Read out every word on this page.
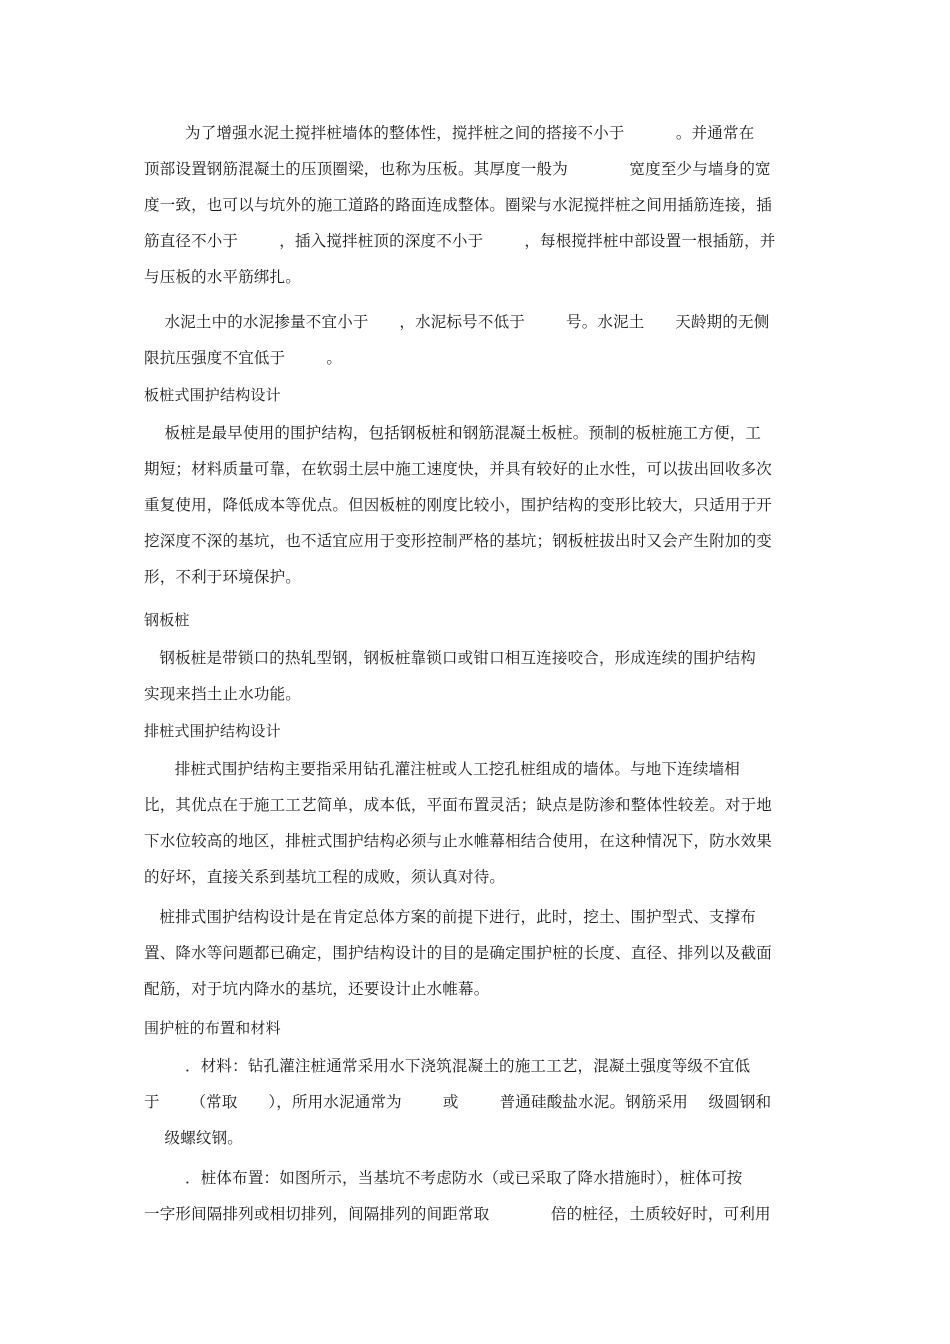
为了增强水泥土搅拌桩墙体的整体性，搅拌桩之间的搭接不小于          。并通常在
顶部设置钢筋混凝土的压顶圈梁，也称为压板。其厚度一般为            宽度至少与墙身的宽
度一致，也可以与坑外的施工道路的路面连成整体。圈梁与水泥搅拌桩之间用插筋连接，插
筋直径不小于        ，插入搅拌桩顶的深度不小于        ，每根搅拌桩中部设置一根插筋，并
与压板的水平筋绑扎。
水泥土中的水泥掺量不宜小于      ，水泥标号不低于        号。水泥土      天龄期的无侧
限抗压强度不宜低于        。
板桩式围护结构设计
板桩是最早使用的围护结构，包括钢板桩和钢筋混凝土板桩。预制的板桩施工方便，工
期短；材料质量可靠，在软弱土层中施工速度快，并具有较好的止水性，可以拔出回收多次
重复使用，降低成本等优点。但因板桩的刚度比较小，围护结构的变形比较大，只适用于开
挖深度不深的基坑，也不适宜应用于变形控制严格的基坑；钢板桩拔出时又会产生附加的变
形，不利于环境保护。
钢板桩
钢板桩是带锁口的热轧型钢，钢板桩靠锁口或钳口相互连接咬合，形成连续的围护结构
实现来挡土止水功能。
排桩式围护结构设计
排桩式围护结构主要指采用钻孔灌注桩或人工挖孔桩组成的墙体。与地下连续墙相
比，其优点在于施工工艺简单，成本低，平面布置灵活；缺点是防渗和整体性较差。对于地
下水位较高的地区，排桩式围护结构必须与止水帷幕相结合使用，在这种情况下，防水效果
的好坏，直接关系到基坑工程的成败，须认真对待。
桩排式围护结构设计是在肯定总体方案的前提下进行，此时，挖土、围护型式、支撑布
置、降水等问题都已确定，围护结构设计的目的是确定围护桩的长度、直径、排列以及截面
配筋，对于坑内降水的基坑，还要设计止水帷幕。
围护桩的布置和材料
．材料：钻孔灌注桩通常采用水下浇筑混凝土的施工工艺，混凝土强度等级不宜低
于      （常取      ），所用水泥通常为        或        普通硅酸盐水泥。钢筋采用    级圆钢和
级螺纹钢。
．桩体布置：如图所示，当基坑不考虑防水（或已采取了降水措施时），桩体可按
一字形间隔排列或相切排列，间隔排列的间距常取            倍的桩径，土质较好时，可利用
